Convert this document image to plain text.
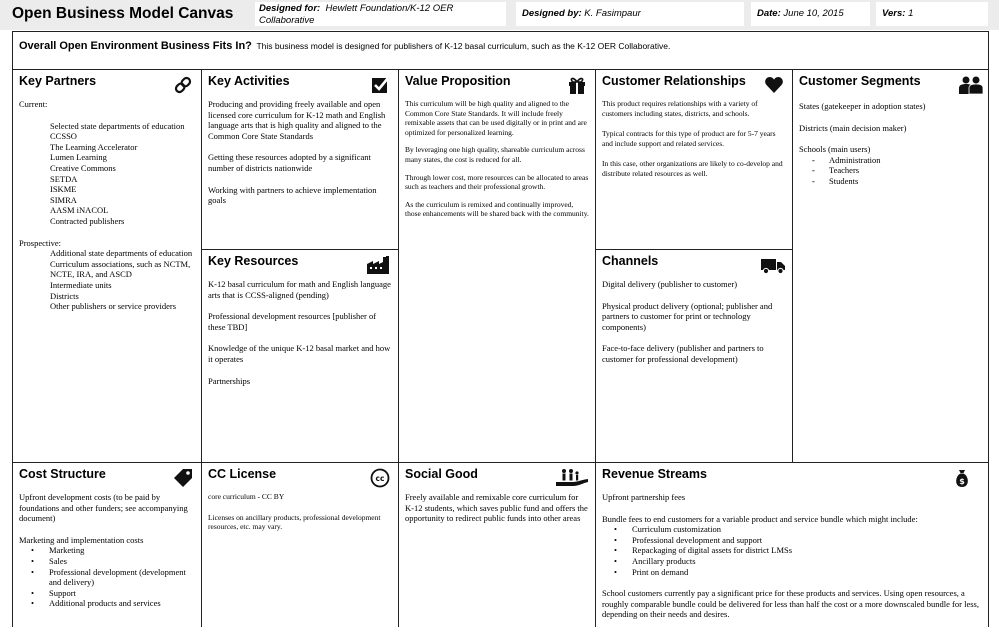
Open Business Model Canvas	Designed for: Hewlett Foundation/K-12 OER Collaborative
Designed by: K. Fasimpaur	Date: June 10, 2015	Vers: 1
Overall Open Environment Business Fits In? This business model is designed for publishers of K-12 basal curriculum, such as the K-12 OER Collaborative.
Key Partners
Current:
Selected state departments of education
CCSSO
The Learning Accelerator
Lumen Learning
Creative Commons
SETDA
ISKME
SIMRA
AASM iNACOL
Contracted publishers
Prospective:
Additional state departments of education
Curriculum associations, such as NCTM, NCTE, IRA, and ASCD
Intermediate units
Districts
Other publishers or service providers
Key Activities
Producing and providing freely available and open licensed core curriculum for K-12 math and English language arts that is high quality and aligned to the Common Core State Standards
Getting these resources adopted by a significant number of districts nationwide
Working with partners to achieve implementation goals
Key Resources
K-12 basal curriculum for math and English language arts that is CCSS-aligned (pending)
Professional development resources [publisher of these TBD]
Knowledge of the unique K-12 basal market and how it operates
Partnerships
Value Proposition
This curriculum will be high quality and aligned to the Common Core State Standards. It will include freely remixable assets that can be used digitally or in print and are optimized for personalized learning.
By leveraging one high quality, shareable curriculum across many states, the cost is reduced for all.
Through lower cost, more resources can be allocated to areas such as teachers and their professional growth.
As the curriculum is remixed and continually improved, those enhancements will be shared back with the community.
Customer Relationships
This product requires relationships with a variety of customers including states, districts, and schools.
Typical contracts for this type of product are for 5-7 years and include support and related services.
In this case, other organizations are likely to co-develop and distribute related resources as well.
Channels
Digital delivery (publisher to customer)
Physical product delivery (optional; publisher and partners to customer for print or technology components)
Face-to-face delivery (publisher and partners to customer for professional development)
Customer Segments
States (gatekeeper in adoption states)
Districts (main decision maker)
Schools (main users)
- Administration
- Teachers
- Students
Cost Structure
Upfront development costs (to be paid by foundations and other funders; see accompanying document)
Marketing and implementation costs
• Marketing
• Sales
• Professional development (development and delivery)
• Support
• Additional products and services
CC License	cc
core curriculum - CC BY
Licenses on ancillary products, professional development resources, etc. may vary.
Social Good
Freely available and remixable core curriculum for K-12 students, which saves public fund and offers the opportunity to redirect public funds into other areas
Revenue Streams
$
Upfront partnership fees
Bundle fees to end customers for a variable product and service bundle which might include:
• Curriculum customization
• Professional development and support
• Repackaging of digital assets for district LMSs
• Ancillary products
• Print on demand
School customers currently pay a significant price for these products and services. Using open resources, a roughly comparable bundle could be delivered for less than half the cost or a more downscaled bundle for less, depending on their needs and desires.
